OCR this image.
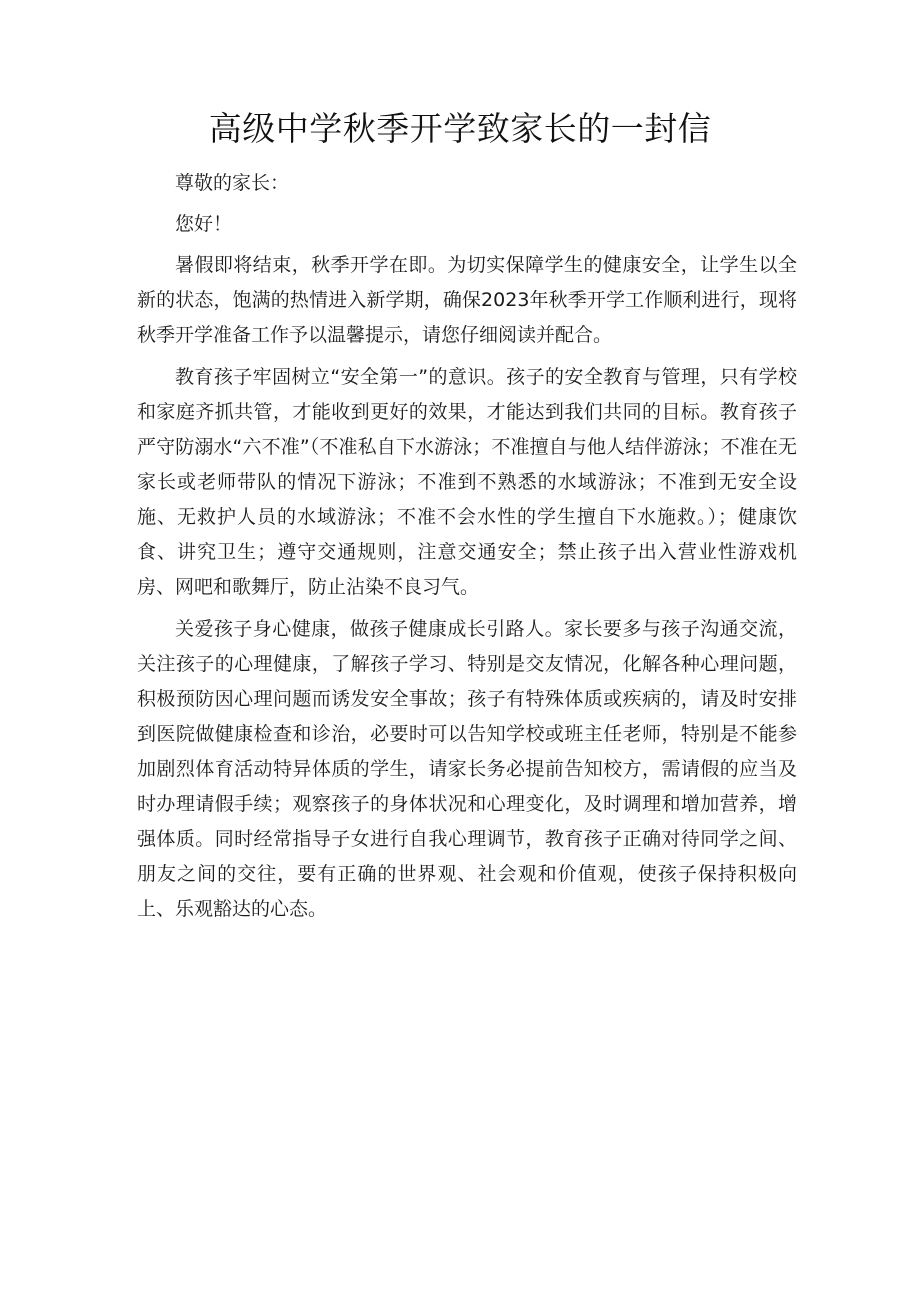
高级中学秋季开学致家长的一封信

尊敬的家长：

您好！

暑假即将结束，秋季开学在即。为切实保障学生的健康安全，让学生以全新的状态，饱满的热情进入新学期，确保2023年秋季开学工作顺利进行，现将秋季开学准备工作予以温馨提示，请您仔细阅读并配合。

教育孩子牢固树立“安全第一”的意识。孩子的安全教育与管理，只有学校和家庭齐抓共管，才能收到更好的效果，才能达到我们共同的目标。教育孩子严守防溺水“六不准”（不准私自下水游泳；不准擅自与他人结伴游泳；不准在无家长或老师带队的情况下游泳；不准到不熟悉的水域游泳；不准到无安全设施、无救护人员的水域游泳；不准不会水性的学生擅自下水施救。）；健康饮食、讲究卫生；遵守交通规则，注意交通安全；禁止孩子出入营业性游戏机房、网吧和歌舞厅，防止沾染不良习气。

关爱孩子身心健康，做孩子健康成长引路人。家长要多与孩子沟通交流，关注孩子的心理健康，了解孩子学习、特别是交友情况，化解各种心理问题，积极预防因心理问题而诱发安全事故；孩子有特殊体质或疾病的，请及时安排到医院做健康检查和诊治，必要时可以告知学校或班主任老师，特别是不能参加剧烈体育活动特异体质的学生，请家长务必提前告知校方，需请假的应当及时办理请假手续；观察孩子的身体状况和心理变化，及时调理和增加营养，增强体质。同时经常指导子女进行自我心理调节，教育孩子正确对待同学之间、朋友之间的交往，要有正确的世界观、社会观和价值观，使孩子保持积极向上、乐观豁达的心态。
